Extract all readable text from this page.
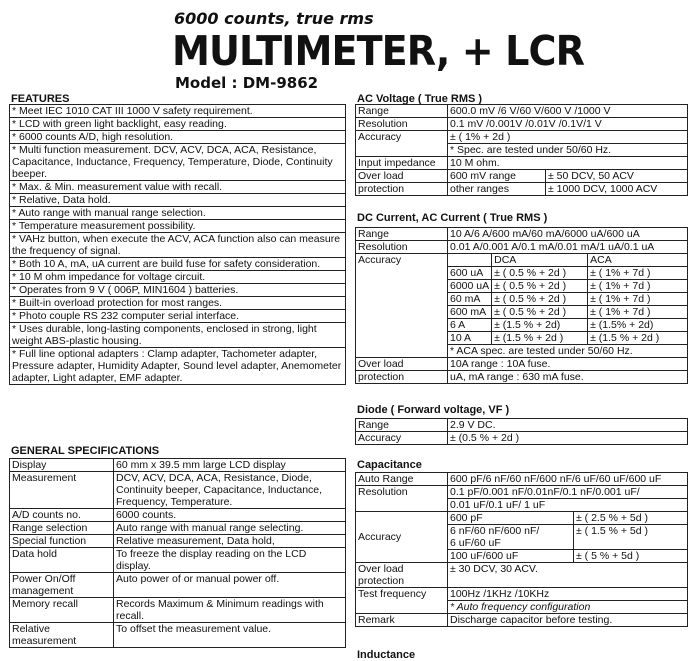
6000 counts, true rms
MULTIMETER, + LCR
Model : DM-9862
FEATURES
* Meet IEC 1010 CAT III 1000 V safety requirement.
* LCD with green light backlight, easy reading.
* 6000 counts A/D, high resolution.
* Multi function measurement. DCV, ACV, DCA, ACA, Resistance, Capacitance, Inductance, Frequency, Temperature, Diode, Continuity beeper.
* Max. & Min. measurement value with recall.
* Relative, Data hold.
* Auto range with manual range selection.
* Temperature measurement possibility.
* VAHz button, when execute the ACV, ACA function also can measure the frequency of signal.
* Both 10 A, mA, uA current are build fuse for safety consideration.
* 10 M ohm impedance for voltage circuit.
* Operates from 9 V ( 006P, MIN1604 ) batteries.
* Built-in overload protection for most ranges.
* Photo couple RS 232 computer serial interface.
* Uses durable, long-lasting components, enclosed in strong, light weight ABS-plastic housing.
* Full line optional adapters : Clamp adapter, Tachometer adapter, Pressure adapter, Humidity Adapter, Sound level adapter, Anemometer adapter, Light adapter, EMF adapter.
GENERAL SPECIFICATIONS
Display	60 mm x 39.5 mm large LCD display
Measurement	DCV, ACV, DCA, ACA, Resistance, Diode, Continuity beeper, Capacitance, Inductance, Frequency, Temperature.
A/D counts no.	6000 counts.
Range selection	Auto range with manual range selecting.
Special function	Relative measurement, Data hold,
Data hold	To freeze the display reading on the LCD display.
Power On/Off management	Auto power of or manual power off.
Memory recall	Records Maximum & Minimum readings with recall.
Relative measurement	To offset the measurement value.
AC Voltage ( True RMS )
Range	600.0 mV /6 V/60 V/600 V /1000 V	
Resolution	0.1 mV /0.001V /0.01V /0.1V/1 V	
Accuracy	± ( 1% + 2d )	
	* Spec. are tested under 50/60 Hz.	
Input impedance	10 M ohm.	
Over load	600 mV range	± 50 DCV, 50 ACV
protection	other ranges	± 1000 DCV, 1000 ACV
DC Current, AC Current ( True RMS )
Range	10 A/6 A/600 mA/60 mA/6000 uA/600 uA		
Resolution	0.01 A/0.001 A/0.1 mA/0.01 mA/1 uA/0.1 uA		
Accuracy		DCA	ACA
	600 uA	± ( 0.5 % + 2d )	± ( 1% + 7d )
	6000 uA	± ( 0.5 % + 2d )	± ( 1% + 7d )
	60 mA	± ( 0.5 % + 2d )	± ( 1% + 7d )
	600 mA	± ( 0.5 % + 2d )	± ( 1% + 7d )
	6 A	± (1.5 % + 2d)	± (1.5% + 2d)
	10 A	± (1.5 % + 2d )	± (1.5 % + 2d )
	* ACA spec. are tested under 50/60 Hz.		
Over load	10A range : 10A fuse.		
protection	uA, mA range : 630 mA fuse.		
Diode ( Forward voltage, VF )
Range	2.9 V DC.
Accuracy	± (0.5 % + 2d )
Capacitance
Auto Range	600 pF/6 nF/60 nF/600 nF/6 uF/60 uF/600 uF	
Resolution	0.1 pF/0.001 nF/0.01nF/0.1 nF/0.001 uF/	
	0.01 uF/0.1 uF/ 1 uF	
Accuracy	600 pF	± ( 2.5 % + 5d )
	6 nF/60 nF/600 nF/	± ( 1.5 % + 5d )
	6 uF/60 uF	
	100 uF/600 uF	± ( 5 % + 5d )
Over load	± 30 DCV, 30 ACV.	
protection		
Test frequency	100Hz /1KHz /10KHz	
	* Auto frequency configuration	
Remark	Discharge capacitor before testing.	
Inductance
